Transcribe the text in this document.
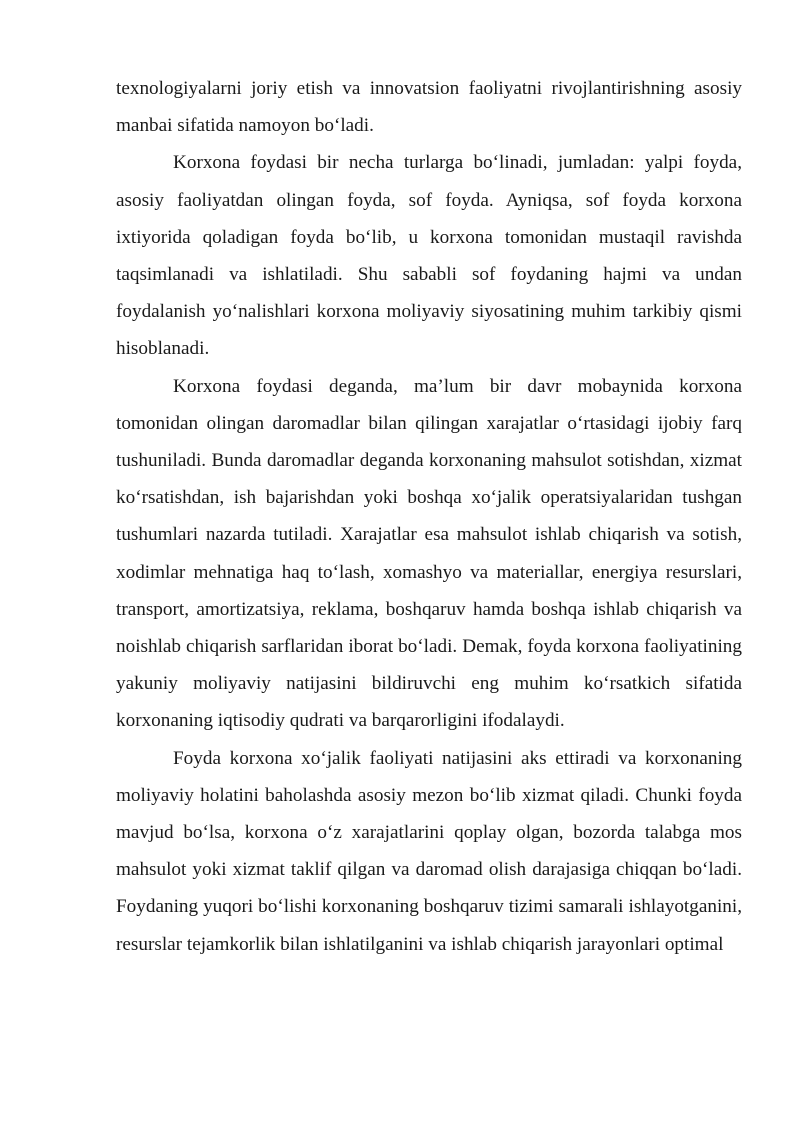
texnologiyalarni joriy etish va innovatsion faoliyatni rivojlantirishning asosiy manbai sifatida namoyon bo‘ladi.

Korxona foydasi bir necha turlarga bo‘linadi, jumladan: yalpi foyda, asosiy faoliyatdan olingan foyda, sof foyda. Ayniqsa, sof foyda korxona ixtiyorida qoladigan foyda bo‘lib, u korxona tomonidan mustaqil ravishda taqsimlanadi va ishlatiladi. Shu sababli sof foydaning hajmi va undan foydalanish yo‘nalishlari korxona moliyaviy siyosatining muhim tarkibiy qismi hisoblanadi.

Korxona foydasi deganda, ma’lum bir davr mobaynida korxona tomonidan olingan daromadlar bilan qilingan xarajatlar o‘rtasidagi ijobiy farq tushuniladi. Bunda daromadlar deganda korxonaning mahsulot sotishdan, xizmat ko‘rsatishdan, ish bajarishdan yoki boshqa xo‘jalik operatsiyalaridan tushgan tushumlari nazarda tutiladi. Xarajatlar esa mahsulot ishlab chiqarish va sotish, xodimlar mehnatiga haq to‘lash, xomashyo va materiallar, energiya resurslari, transport, amortizatsiya, reklama, boshqaruv hamda boshqa ishlab chiqarish va noishlab chiqarish sarflaridan iborat bo‘ladi. Demak, foyda korxona faoliyatining yakuniy moliyaviy natijasini bildiruvchi eng muhim ko‘rsatkich sifatida korxonaning iqtisodiy qudrati va barqarorligini ifodalaydi.

Foyda korxona xo‘jalik faoliyati natijasini aks ettiradi va korxonaning moliyaviy holatini baholashda asosiy mezon bo‘lib xizmat qiladi. Chunki foyda mavjud bo‘lsa, korxona o‘z xarajatlarini qoplay olgan, bozorda talabga mos mahsulot yoki xizmat taklif qilgan va daromad olish darajasiga chiqqan bo‘ladi. Foydaning yuqori bo‘lishi korxonaning boshqaruv tizimi samarali ishlayotganini, resurslar tejamkorlik bilan ishlatilganini va ishlab chiqarish jarayonlari optimal
